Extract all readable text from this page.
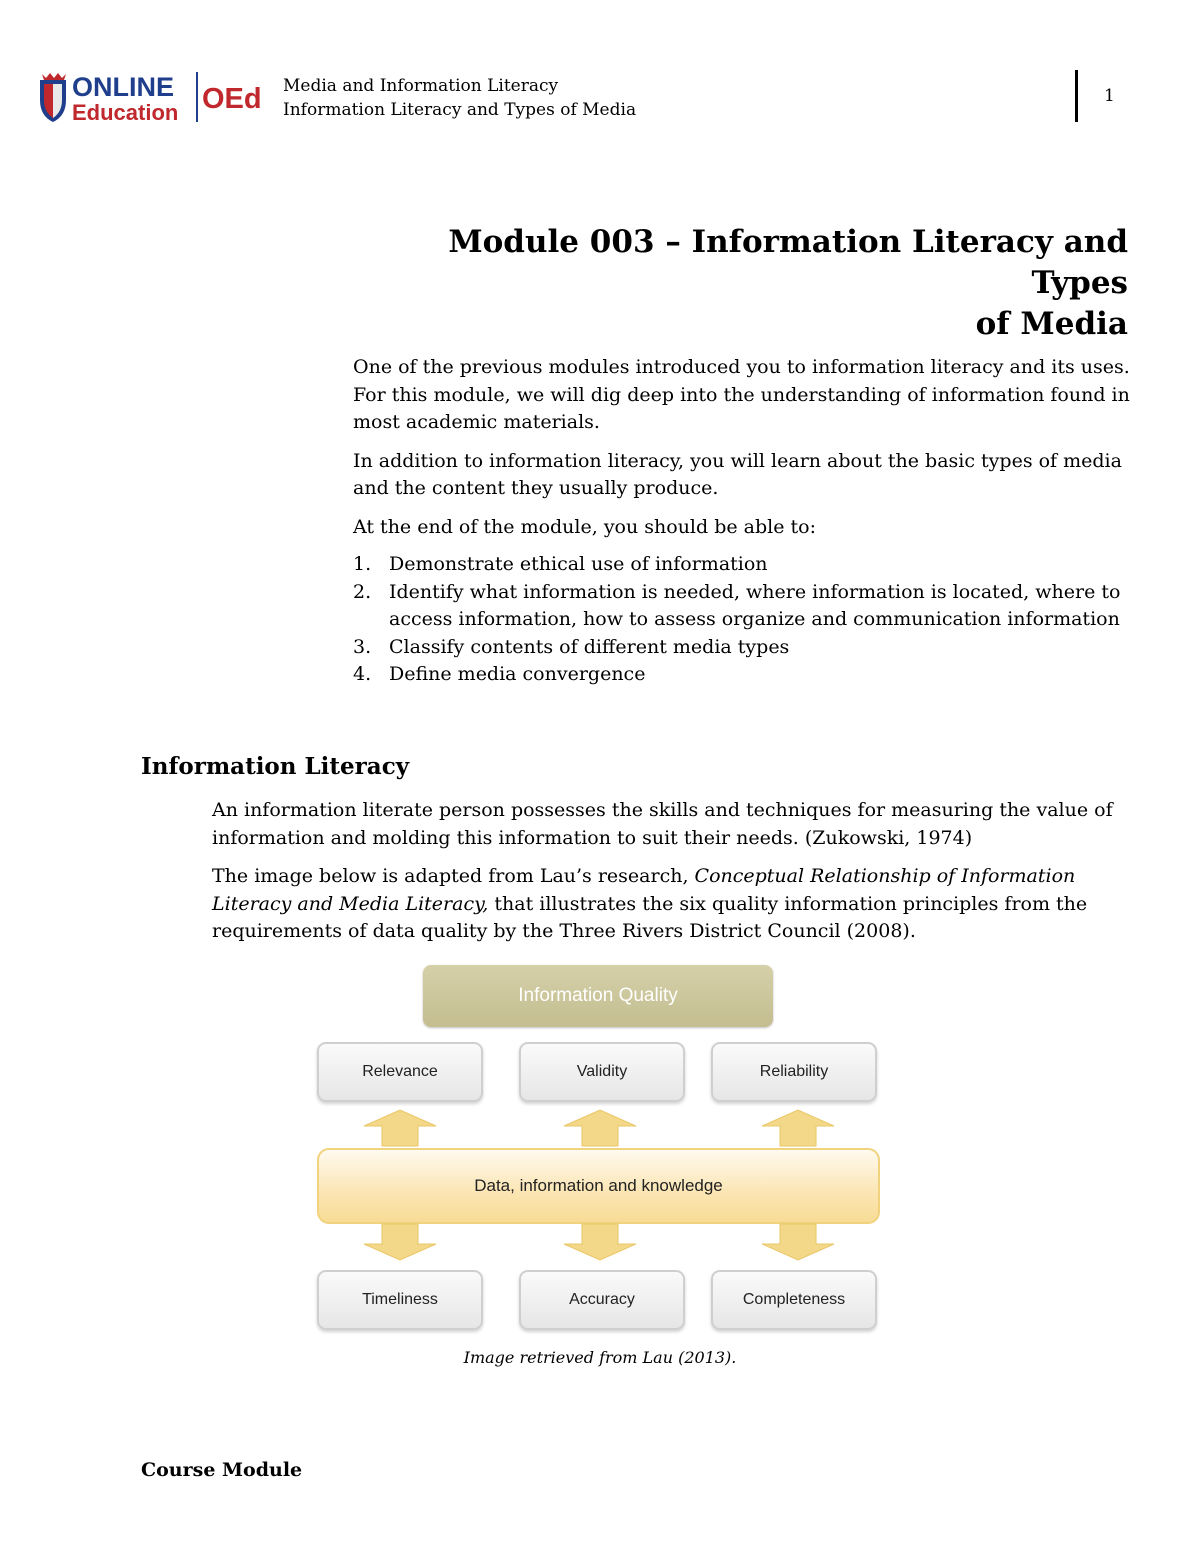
ONLINE
Education OEd Media and Information Literacy
Information Literacy and Types of Media
1
Module 003 – Information Literacy and Types
of Media

One of the previous modules introduced you to information literacy and its uses. For this module, we will dig deep into the understanding of information found in most academic materials.

In addition to information literacy, you will learn about the basic types of media and the content they usually produce.

At the end of the module, you should be able to:

1. Demonstrate ethical use of information
2. Identify what information is needed, where information is located, where to access information, how to assess organize and communication information
3. Classify contents of different media types
4. Define media convergence
Information Literacy

An information literate person possesses the skills and techniques for measuring the value of information and molding this information to suit their needs. (Zukowski, 1974)

The image below is adapted from Lau’s research, Conceptual Relationship of Information Literacy and Media Literacy, that illustrates the six quality information principles from the requirements of data quality by the Three Rivers District Council (2008).

Information Quality
Relevance	Validity	Reliability
Data, information and knowledge
Timeliness	Accuracy	Completeness
Image retrieved from Lau (2013).
Course Module
